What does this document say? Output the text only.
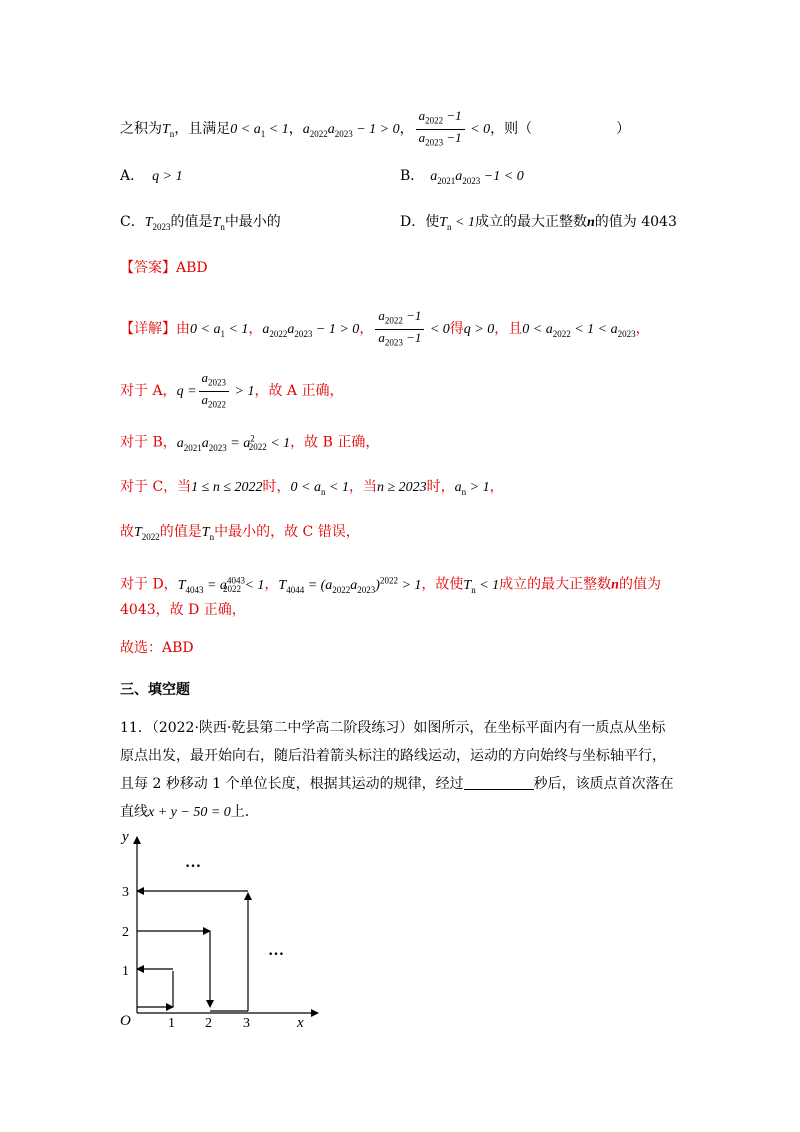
之积为$T_n$，且满足$0 < a_1 < 1$，$a_{2022}a_{2023} - 1 > 0$， $\frac{a_{2022} -1}{a_{2023} -1} < 0$，则（　　　　　　）
A． q > 1	B． $a_{2021}a_{2023} -1 < 0$
C．$T_{2023}$的值是$T_n$中最小的	D．使$T_n < 1$成立的最大正整数n的值为 4043
【答案】ABD
【详解】由$0 < a_1 < 1$，$a_{2022}a_{2023} - 1 > 0$， $\frac{a_{2022} -1}{a_{2023} -1} < 0$得q > 0，且$0 < a_{2022} < 1 < a_{2023}$，
对于 A，$q = \frac{a_{2023}}{a_{2022}} > 1$，故 A 正确，
对于 B，$a_{2021}a_{2023} = a^2_{2022} < 1$，故 B 正确，
对于 C，当1 ≤ n ≤ 2022时，$0 < a_n < 1$，当n ≥ 2023时，$a_n > 1$，
故$T_{2022}$的值是$T_n$中最小的，故 C 错误，
对于 D，$T_{4043} = a^{4043}_{2022} < 1$，$T_{4044} = (a_{2022}a_{2023})^{2022} > 1$，故使$T_n < 1$成立的最大正整数n的值为
4043，故 D 正确，
故选：ABD
三、填空题
11．（2022·陕西·乾县第二中学高二阶段练习）如图所示，在坐标平面内有一质点从坐标
原点出发，最开始向右，随后沿着箭头标注的路线运动，运动的方向始终与坐标轴平行，
且每 2 秒移动 1 个单位长度，根据其运动的规律，经过	秒后，该质点首次落在
直线x + y − 50 = 0上.
y
x
O	1 2 3
1
2
3
…
…
